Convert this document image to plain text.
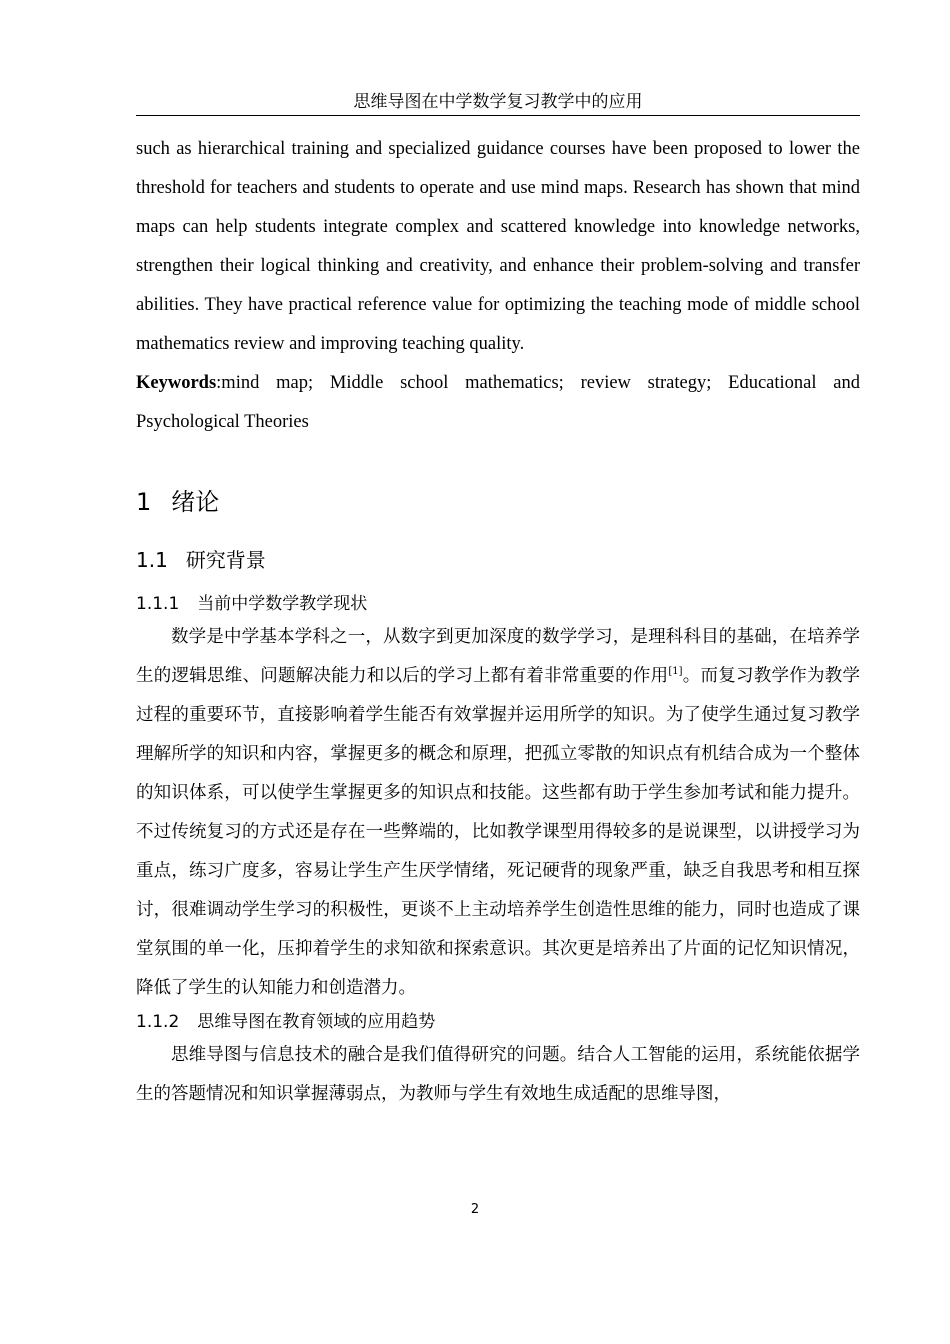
思维导图在中学数学复习教学中的应用

such as hierarchical training and specialized guidance courses have been proposed to lower the threshold for teachers and students to operate and use mind maps. Research has shown that mind maps can help students integrate complex and scattered knowledge into knowledge networks, strengthen their logical thinking and creativity, and enhance their problem-solving and transfer abilities. They have practical reference value for optimizing the teaching mode of middle school mathematics review and improving teaching quality.

Keywords:mind map; Middle school mathematics; review strategy; Educational and Psychological Theories

1 绪论
1.1 研究背景
1.1.1 当前中学数学教学现状

数学是中学基本学科之一，从数字到更加深度的数学学习，是理科科目的基础，在培养学生的逻辑思维、问题解决能力和以后的学习上都有着非常重要的作用[1]。而复习教学作为教学过程的重要环节，直接影响着学生能否有效掌握并运用所学的知识。为了使学生通过复习教学理解所学的知识和内容，掌握更多的概念和原理，把孤立零散的知识点有机结合成为一个整体的知识体系，可以使学生掌握更多的知识点和技能。这些都有助于学生参加考试和能力提升。不过传统复习的方式还是存在一些弊端的，比如教学课型用得较多的是说课型，以讲授学习为重点，练习广度多，容易让学生产生厌学情绪，死记硬背的现象严重，缺乏自我思考和相互探讨，很难调动学生学习的积极性，更谈不上主动培养学生创造性思维的能力，同时也造成了课堂氛围的单一化，压抑着学生的求知欲和探索意识。其次更是培养出了片面的记忆知识情况，降低了学生的认知能力和创造潜力。

1.1.2 思维导图在教育领域的应用趋势

思维导图与信息技术的融合是我们值得研究的问题。结合人工智能的运用，系统能依据学生的答题情况和知识掌握薄弱点，为教师与学生有效地生成适配的思维导图，

2
